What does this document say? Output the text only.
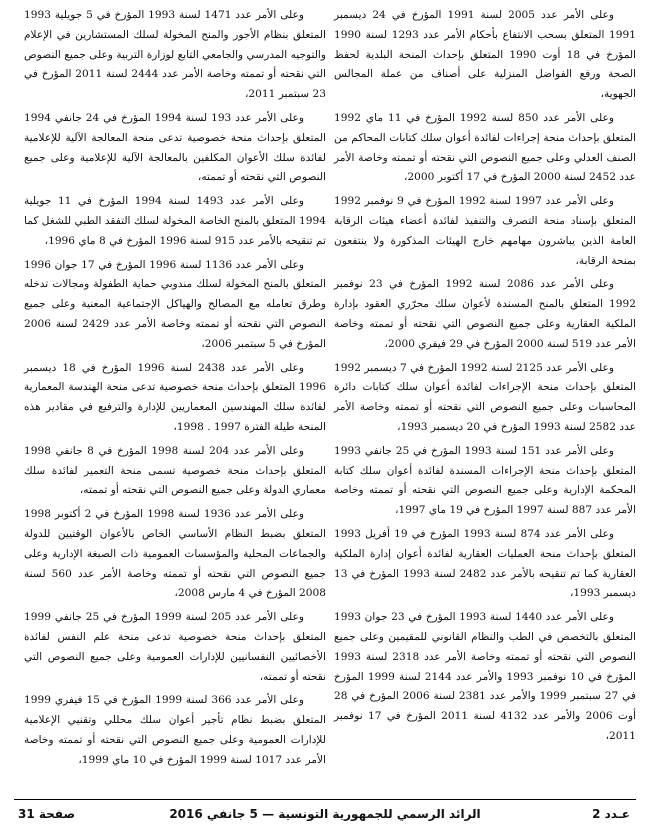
وعلى الأمر عدد 2005 لسنة 1991 المؤرخ في 24 ديسمبر 1991 المتعلق بسحب الانتفاع بأحكام الأمر عدد 1293 لسنة 1990 المؤرخ في 18 أوت 1990 المتعلق بإحداث المنحة البلدية لحفظ الصحة ورفع الفواضل المنزلية على أصناف من عملة المجالس الجهوية،

وعلى الأمر عدد 850 لسنة 1992 المؤرخ في 11 ماي 1992 المتعلق بإحداث منحة إجراءات لفائدة أعوان سلك كتابات المحاكم من الصنف العدلي وعلى جميع النصوص التي نقحته أو تممته وخاصة الأمر عدد 2452 لسنة 2000 المؤرخ في 17 أكتوبر 2000،

وعلى الأمر عدد 1997 لسنة 1992 المؤرخ في 9 نوفمبر 1992 المتعلق بإسناد منحة التصرف والتنفيذ لفائدة أعضاء هيئات الرقابة العامة الذين يباشرون مهامهم خارج الهيئات المذكورة ولا ينتفعون بمنحة الرقابة،

وعلى الأمر عدد 2086 لسنة 1992 المؤرخ في 23 نوفمبر 1992 المتعلق بالمنح المسندة لأعوان سلك محرّري العقود بإدارة الملكية العقارية وعلى جميع النصوص التي نقحته أو تممته وخاصة الأمر عدد 519 لسنة 2000 المؤرخ في 29 فيفري 2000،

وعلى الأمر عدد 2125 لسنة 1992 المؤرخ في 7 ديسمبر 1992 المتعلق بإحداث منحة الإجراءات لفائدة أعوان سلك كتابات دائرة المحاسبات وعلى جميع النصوص التي نقحته أو تممته وخاصة الأمر عدد 2582 لسنة 1993 المؤرخ في 20 ديسمبر 1993،

وعلى الأمر عدد 151 لسنة 1993 المؤرخ في 25 جانفي 1993 المتعلق بإحداث منحة الإجراءات المسندة لفائدة أعوان سلك كتابة المحكمة الإدارية وعلى جميع النصوص التي نقحته أو تممته وخاصة الأمر عدد 887 لسنة 1997 المؤرخ في 19 ماي 1997،

وعلى الأمر عدد 874 لسنة 1993 المؤرخ في 19 أفريل 1993 المتعلق بإحداث منحة العمليات العقارية لفائدة أعوان إدارة الملكية العقارية كما تم تنقيحه بالأمر عدد 2482 لسنة 1993 المؤرخ في 13 ديسمبر 1993،

وعلى الأمر عدد 1440 لسنة 1993 المؤرخ في 23 جوان 1993 المتعلق بالتخصص في الطب والنظام القانوني للمقيمين وعلى جميع النصوص التي نقحته أو تممته وخاصة الأمر عدد 2318 لسنة 1993 المؤرخ في 10 نوفمبر 1993 والأمر عدد 2144 لسنة 1999 المؤرخ في 27 سبتمبر 1999 والأمر عدد 2381 لسنة 2006 المؤرخ في 28 أوت 2006 والأمر عدد 4132 لسنة 2011 المؤرخ في 17 نوفمبر 2011،

وعلى الأمر عدد 1471 لسنة 1993 المؤرخ في 5 جويلية 1993 المتعلق بنظام الأجور والمنح المخولة لسلك المستشارين في الإعلام والتوجيه المدرسي والجامعي التابع لوزارة التربية وعلى جميع النصوص التي نقحته أو تممته وخاصة الأمر عدد 2444 لسنة 2011 المؤرخ في 23 سبتمبر 2011،

وعلى الأمر عدد 193 لسنة 1994 المؤرخ في 24 جانفي 1994 المتعلق بإحداث منحة خصوصية تدعى منحة المعالجة الآلية للإعلامية لفائدة سلك الأعوان المكلفين بالمعالجة الآلية للإعلامية وعلى جميع النصوص التي نقحته أو تممته،

وعلى الأمر عدد 1493 لسنة 1994 المؤرخ في 11 جويلية 1994 المتعلق بالمنح الخاصة المخولة لسلك التفقد الطبي للشغل كما تم تنقيحه بالأمر عدد 915 لسنة 1996 المؤرخ في 8 ماي 1996،

وعلى الأمر عدد 1136 لسنة 1996 المؤرخ في 17 جوان 1996 المتعلق بالمنح المخولة لسلك مندوبي حماية الطفولة ومجالات تدخله وطرق تعامله مع المصالح والهياكل الإجتماعية المعنية وعلى جميع النصوص التي نقحته أو تممته وخاصة الأمر عدد 2429 لسنة 2006 المؤرخ في 5 سبتمبر 2006،

وعلى الأمر عدد 2438 لسنة 1996 المؤرخ في 18 ديسمبر 1996 المتعلق بإحداث منحة خصوصية تدعى منحة الهندسة المعمارية لفائدة سلك المهندسين المعماريين للإدارة والترفيع في مقادير هذه المنحة طيلة الفترة 1997 . 1998،

وعلى الأمر عدد 204 لسنة 1998 المؤرخ في 8 جانفي 1998 المتعلق بإحداث منحة خصوصية تسمى منحة التعمير لفائدة سلك معماري الدولة وعلى جميع النصوص التي نقحته أو تممته،

وعلى الأمر عدد 1936 لسنة 1998 المؤرخ في 2 أكتوبر 1998 المتعلق بضبط النظام الأساسي الخاص بالأعوان الوقتيين للدولة والجماعات المحلية والمؤسسات العمومية ذات الصبغة الإدارية وعلى جميع النصوص التي نقحته أو تممته وخاصة الأمر عدد 560 لسنة 2008 المؤرخ في 4 مارس 2008،

وعلى الأمر عدد 205 لسنة 1999 المؤرخ في 25 جانفي 1999 المتعلق بإحداث منحة خصوصية تدعى منحة علم النفس لفائدة الأخصائيين النفسانيين للإدارات العمومية وعلى جميع النصوص التي نقحته أو تممته،

وعلى الأمر عدد 366 لسنة 1999 المؤرخ في 15 فيفري 1999 المتعلق بضبط نظام تأجير أعوان سلك محللي وتقنيي الإعلامية للإدارات العمومية وعلى جميع النصوص التي نقحته أو تممته وخاصة الأمر عدد 1017 لسنة 1999 المؤرخ في 10 ماي 1999،

عـدد 2
الرائد الرسمي للجمهورية التونسية — 5 جانفي 2016
صفحة 31
